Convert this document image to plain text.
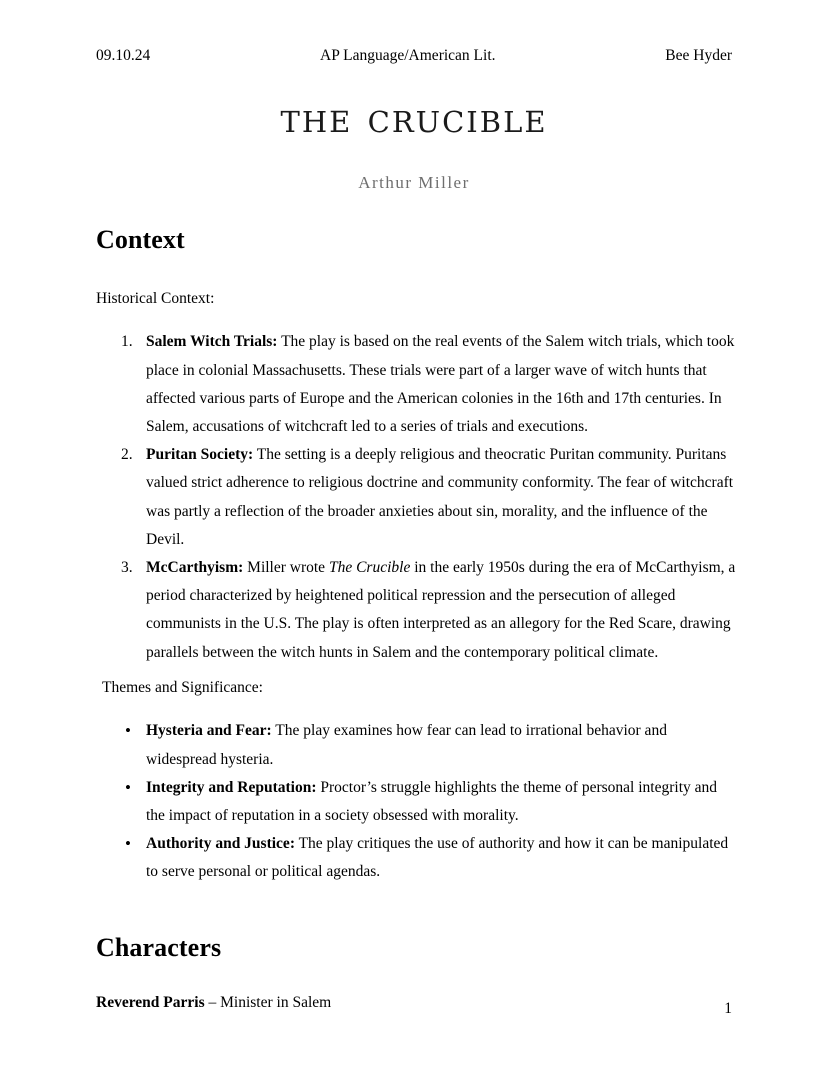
09.10.24	AP Language/American Lit.	Bee Hyder
the crucible

Arthur Miller

Context

Historical Context:

1. Salem Witch Trials: The play is based on the real events of the Salem witch trials, which took place in colonial Massachusetts. These trials were part of a larger wave of witch hunts that affected various parts of Europe and the American colonies in the 16th and 17th centuries. In Salem, accusations of witchcraft led to a series of trials and executions.
2. Puritan Society: The setting is a deeply religious and theocratic Puritan community. Puritans valued strict adherence to religious doctrine and community conformity. The fear of witchcraft was partly a reflection of the broader anxieties about sin, morality, and the influence of the Devil.
3. McCarthyism: Miller wrote The Crucible in the early 1950s during the era of McCarthyism, a period characterized by heightened political repression and the persecution of alleged communists in the U.S. The play is often interpreted as an allegory for the Red Scare, drawing parallels between the witch hunts in Salem and the contemporary political climate.

Themes and Significance:

• Hysteria and Fear: The play examines how fear can lead to irrational behavior and widespread hysteria.
• Integrity and Reputation: Proctor’s struggle highlights the theme of personal integrity and the impact of reputation in a society obsessed with morality.
• Authority and Justice: The play critiques the use of authority and how it can be manipulated to serve personal or political agendas.
Characters

Reverend Parris – Minister in Salem	1
